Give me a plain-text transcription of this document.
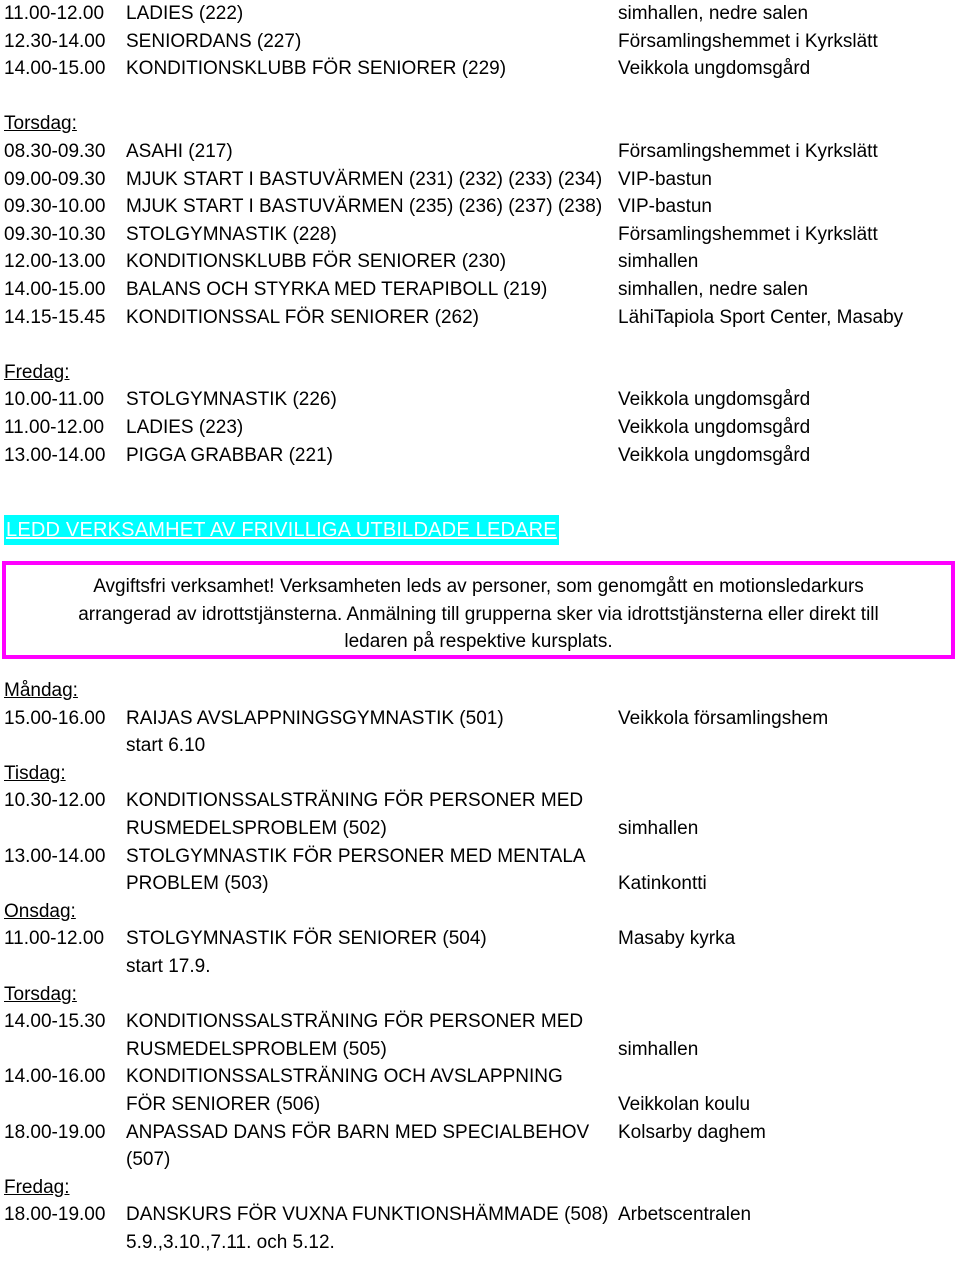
11.00-12.00 LADIES (222)	simhallen, nedre salen
12.30-14.00 SENIORDANS (227)	Församlingshemmet i Kyrkslätt
14.00-15.00 KONDITIONSKLUBB FÖR SENIORER (229)	Veikkola ungdomsgård
Torsdag:
08.30-09.30 ASAHI (217)	Församlingshemmet i Kyrkslätt
09.00-09.30 MJUK START I BASTUVÄRMEN (231) (232) (233) (234) VIP-bastun
09.30-10.00 MJUK START I BASTUVÄRMEN (235) (236) (237) (238) VIP-bastun
09.30-10.30 STOLGYMNASTIK (228)	Församlingshemmet i Kyrkslätt
12.00-13.00 KONDITIONSKLUBB FÖR SENIORER (230)	simhallen
14.00-15.00 BALANS OCH STYRKA MED TERAPIBOLL (219)	simhallen, nedre salen
14.15-15.45 KONDITIONSSAL FÖR SENIORER (262)	LähiTapiola Sport Center, Masaby
Fredag:
10.00-11.00 STOLGYMNASTIK (226)	Veikkola ungdomsgård
11.00-12.00 LADIES (223)	Veikkola ungdomsgård
13.00-14.00 PIGGA GRABBAR (221)	Veikkola ungdomsgård
LEDD VERKSAMHET AV FRIVILLIGA UTBILDADE LEDARE
Avgiftsfri verksamhet! Verksamheten leds av personer, som genomgått en motionsledarkurs
arrangerad av idrottstjänsterna. Anmälning till grupperna sker via idrottstjänsterna eller direkt till
ledaren på respektive kursplats.
Måndag:
15.00-16.00 RAIJAS AVSLAPPNINGSGYMNASTIK (501)	Veikkola församlingshem
start 6.10
Tisdag:
10.30-12.00 KONDITIONSSALSTRÄNING FÖR PERSONER MED
RUSMEDELSPROBLEM (502)	simhallen
13.00-14.00 STOLGYMNASTIK FÖR PERSONER MED MENTALA
PROBLEM (503)	Katinkontti
Onsdag:
11.00-12.00 STOLGYMNASTIK FÖR SENIORER (504)	Masaby kyrka
start 17.9.
Torsdag:
14.00-15.30 KONDITIONSSALSTRÄNING FÖR PERSONER MED
RUSMEDELSPROBLEM (505)	simhallen
14.00-16.00 KONDITIONSSALSTRÄNING OCH AVSLAPPNING
FÖR SENIORER (506)	Veikkolan koulu
18.00-19.00 ANPASSAD DANS FÖR BARN MED SPECIALBEHOV Kolsarby daghem
(507)
Fredag:
18.00-19.00 DANSKURS FÖR VUXNA FUNKTIONSHÄMMADE (508) Arbetscentralen
5.9.,3.10.,7.11. och 5.12.
